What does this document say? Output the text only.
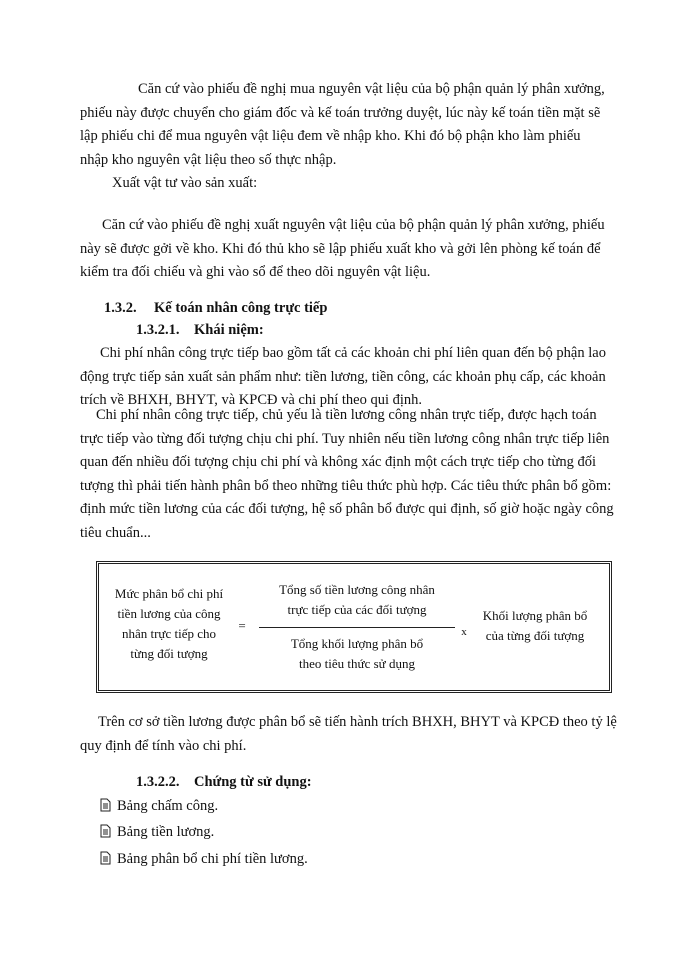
Căn cứ vào phiếu đề nghị mua nguyên vật liệu của bộ phận quản lý phân xưởng,
phiếu này được chuyển cho giám đốc và kế toán trưởng duyệt, lúc này kế toán tiền mặt sẽ
lập phiếu chi để mua nguyên vật liệu đem về nhập kho. Khi đó bộ phận kho làm phiếu
nhập kho nguyên vật liệu theo số thực nhập.
Xuất vật tư vào sản xuất:
Căn cứ vào phiếu đề nghị xuất nguyên vật liệu của bộ phận quản lý phân xưởng, phiếu
này sẽ được gởi về kho. Khi đó thủ kho sẽ lập phiếu xuất kho và gởi lên phòng kế toán để
kiểm tra đối chiếu và ghi vào sổ để theo dõi nguyên vật liệu.
1.3.2. Kế toán nhân công trực tiếp
1.3.2.1. Khái niệm:
Chi phí nhân công trực tiếp bao gồm tất cả các khoản chi phí liên quan đến bộ phận lao
động trực tiếp sản xuất sản phẩm như: tiền lương, tiền công, các khoản phụ cấp, các khoản
trích về BHXH, BHYT, và KPCĐ và chi phí theo qui định.
Chi phí nhân công trực tiếp, chủ yếu là tiền lương công nhân trực tiếp, được hạch toán
trực tiếp vào từng đối tượng chịu chi phí. Tuy nhiên nếu tiền lương công nhân trực tiếp liên
quan đến nhiều đối tượng chịu chi phí và không xác định một cách trực tiếp cho từng đối
tượng thì phải tiến hành phân bổ theo những tiêu thức phù hợp. Các tiêu thức phân bổ gồm:
định mức tiền lương của các đối tượng, hệ số phân bổ được qui định, số giờ hoặc ngày công
tiêu chuẩn...
Mức phân bổ chi phí
tiền lương của công
nhân trực tiếp cho
từng đối tượng
=
Tổng số tiền lương công nhân
trực tiếp của các đối tượng
Tổng khối lượng phân bổ
theo tiêu thức sử dụng
x
Khối lượng phân bổ
của từng đối tượng
Trên cơ sở tiền lương được phân bổ sẽ tiến hành trích BHXH, BHYT và KPCĐ theo tỷ lệ
quy định để tính vào chi phí.
1.3.2.2. Chứng từ sử dụng:
Bảng chấm công.
Bảng tiền lương.
Bảng phân bổ chi phí tiền lương.
